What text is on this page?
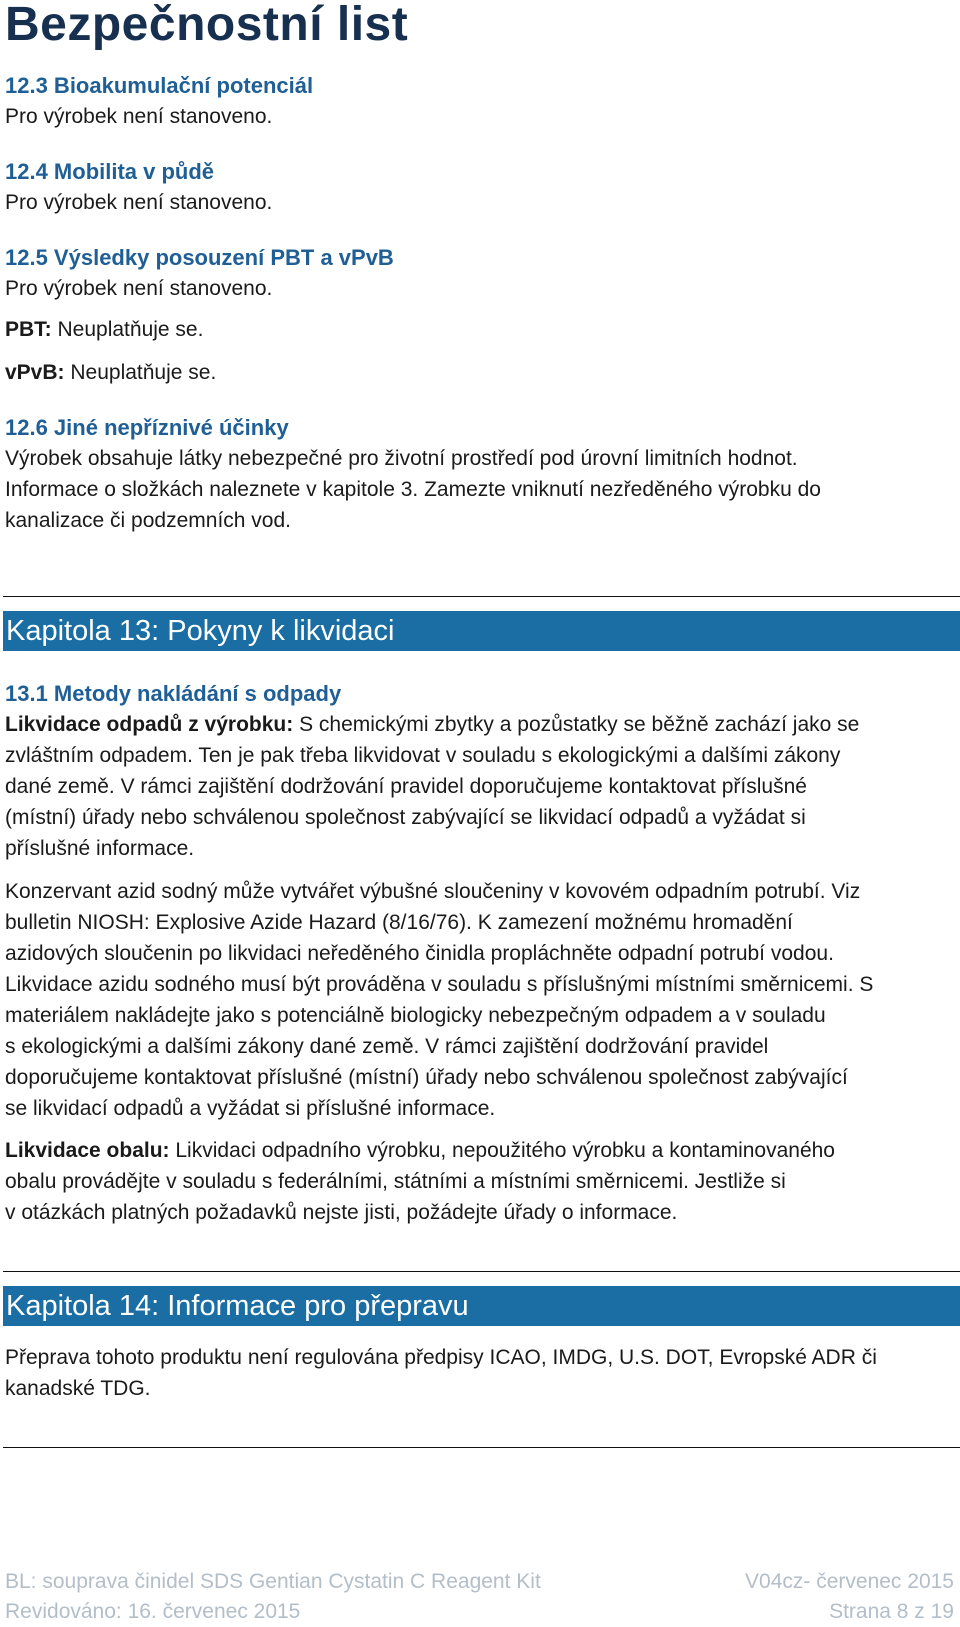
Bezpečnostní list
12.3 Bioakumulační potenciál
Pro výrobek není stanoveno.
12.4 Mobilita v půdě
Pro výrobek není stanoveno.
12.5 Výsledky posouzení PBT a vPvB
Pro výrobek není stanoveno.
PBT: Neuplatňuje se.
vPvB: Neuplatňuje se.
12.6 Jiné nepříznivé účinky
Výrobek obsahuje látky nebezpečné pro životní prostředí pod úrovní limitních hodnot.
Informace o složkách naleznete v kapitole 3. Zamezte vniknutí nezředěného výrobku do
kanalizace či podzemních vod.
Kapitola 13: Pokyny k likvidaci
13.1 Metody nakládání s odpady
Likvidace odpadů z výrobku: S chemickými zbytky a pozůstatky se běžně zachází jako se
zvláštním odpadem. Ten je pak třeba likvidovat v souladu s ekologickými a dalšími zákony
dané země. V rámci zajištění dodržování pravidel doporučujeme kontaktovat příslušné
(místní) úřady nebo schválenou společnost zabývající se likvidací odpadů a vyžádat si
příslušné informace.
Konzervant azid sodný může vytvářet výbušné sloučeniny v kovovém odpadním potrubí. Viz
bulletin NIOSH: Explosive Azide Hazard (8/16/76). K zamezení možnému hromadění
azidových sloučenin po likvidaci neředěného činidla propláchněte odpadní potrubí vodou.
Likvidace azidu sodného musí být prováděna v souladu s příslušnými místními směrnicemi. S
materiálem nakládejte jako s potenciálně biologicky nebezpečným odpadem a v souladu
s ekologickými a dalšími zákony dané země. V rámci zajištění dodržování pravidel
doporučujeme kontaktovat příslušné (místní) úřady nebo schválenou společnost zabývající
se likvidací odpadů a vyžádat si příslušné informace.
Likvidace obalu: Likvidaci odpadního výrobku, nepoužitého výrobku a kontaminovaného
obalu provádějte v souladu s federálními, státními a místními směrnicemi. Jestliže si
v otázkách platných požadavků nejste jisti, požádejte úřady o informace.
Kapitola 14: Informace pro přepravu
Přeprava tohoto produktu není regulována předpisy ICAO, IMDG, U.S. DOT, Evropské ADR či
kanadské TDG.
BL: souprava činidel SDS Gentian Cystatin C Reagent Kit	V04cz- červenec 2015
Revidováno: 16. červenec 2015	Strana 8 z 19
